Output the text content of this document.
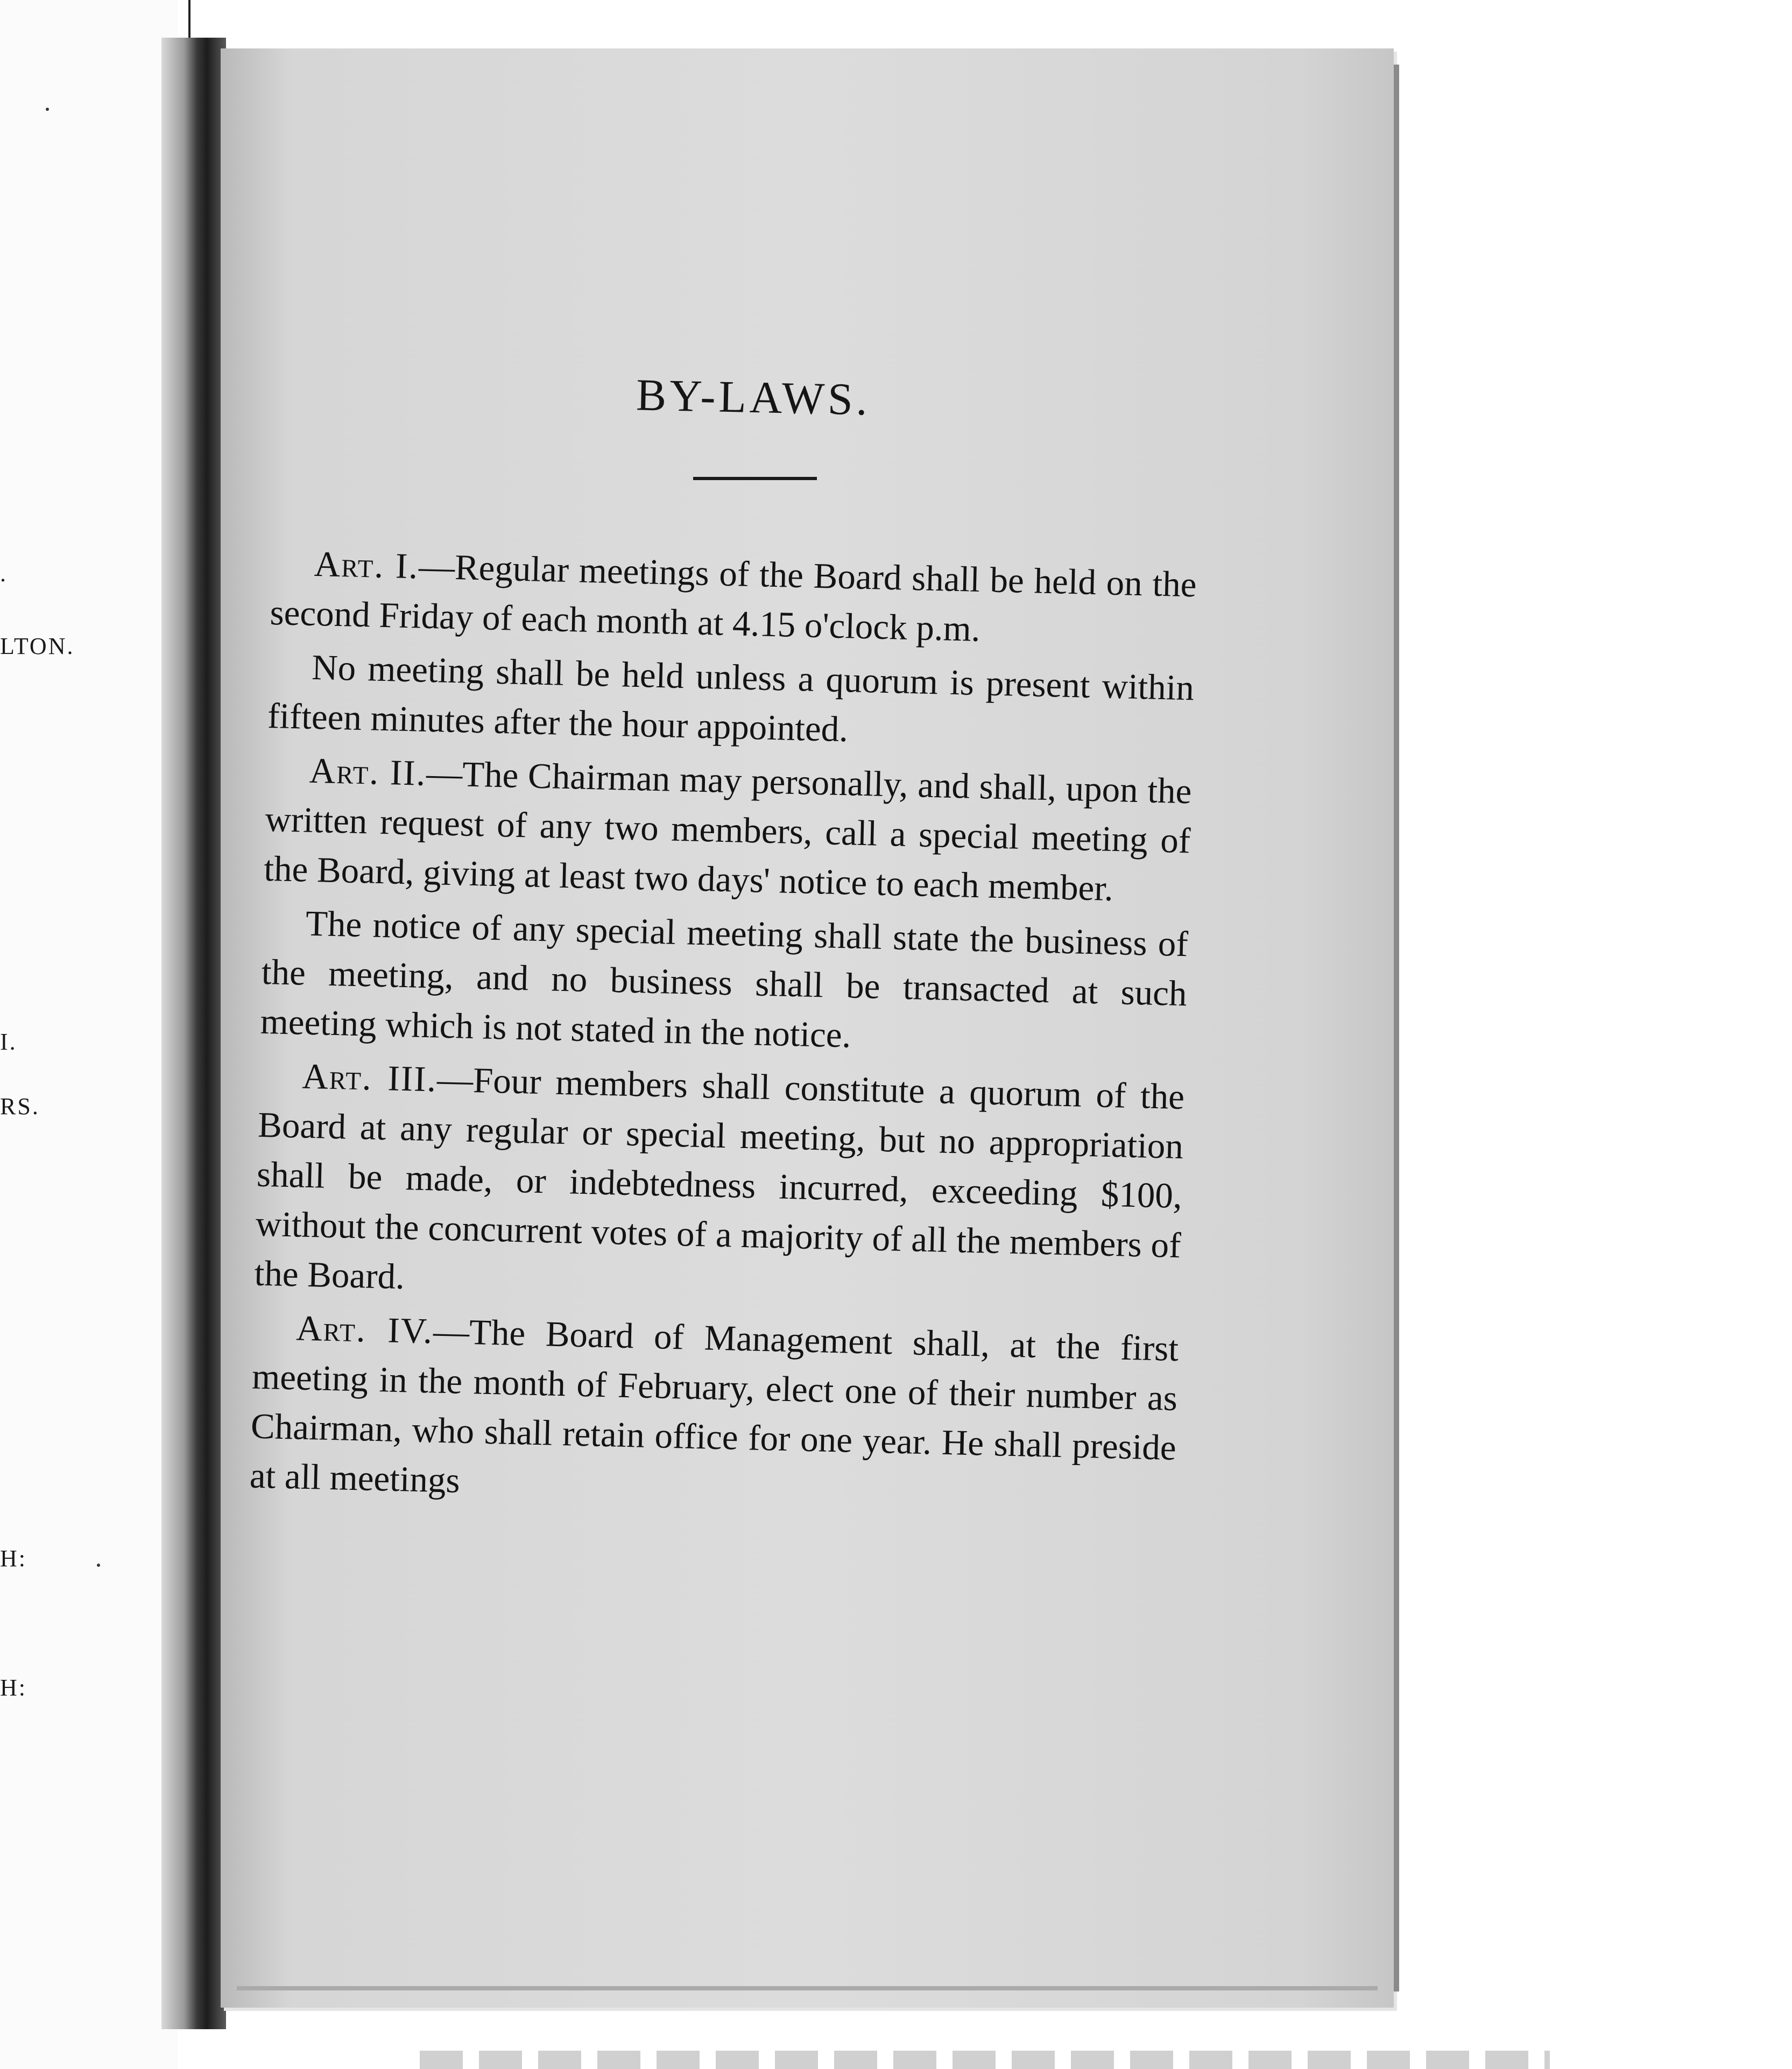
.
LTON.
I.
RS.
H:
H:
BY-LAWS.

Art. I.—Regular meetings of the Board shall be held on the second Friday of each month at 4.15 o'clock p.m.

No meeting shall be held unless a quorum is present within fifteen minutes after the hour appointed.

Art. II.—The Chairman may personally, and shall, upon the written request of any two members, call a special meeting of the Board, giving at least two days' notice to each member.

The notice of any special meeting shall state the business of the meeting, and no business shall be transacted at such meeting which is not stated in the notice.

Art. III.—Four members shall constitute a quorum of the Board at any regular or special meeting, but no appropriation shall be made, or indebtedness incurred, exceeding $100, without the concurrent votes of a majority of all the members of the Board.

Art. IV.—The Board of Management shall, at the first meeting in the month of February, elect one of their number as Chairman, who shall retain office for one year. He shall preside at all meetings
